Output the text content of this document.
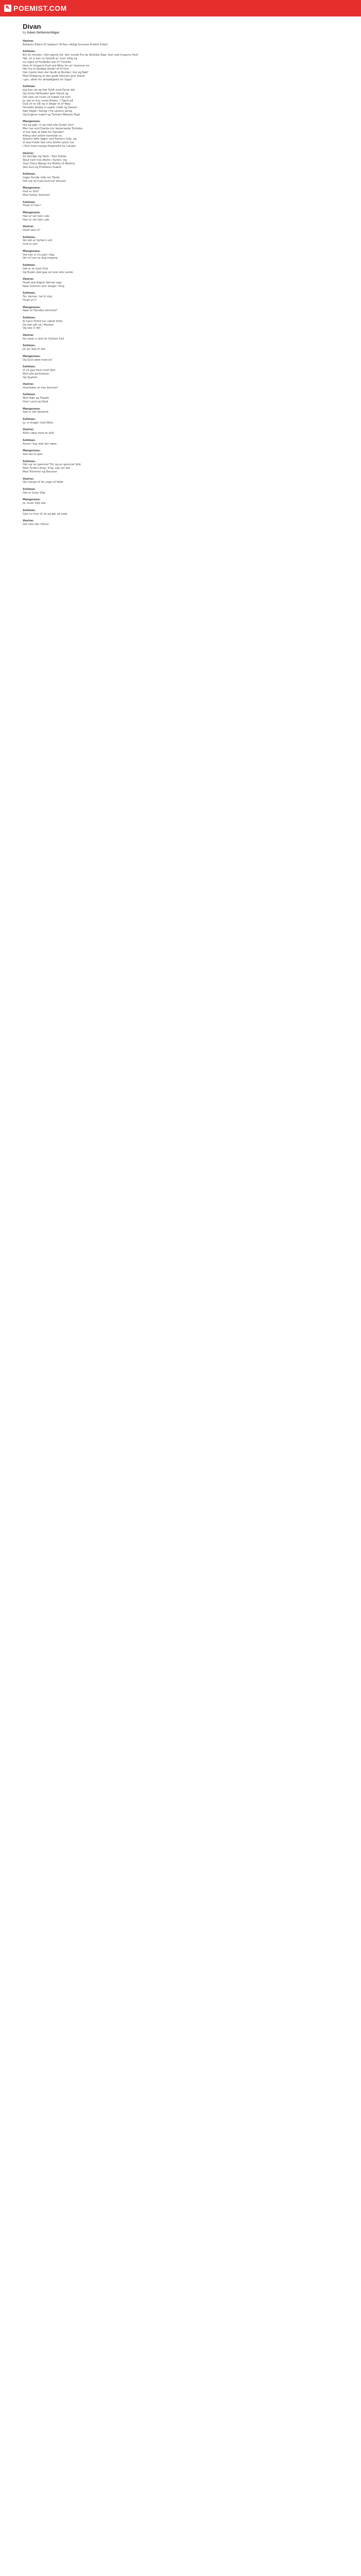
✎ POEMIST.COM
Divan

by Adam Oehlenschläger

Vezirer.
Behøver Edens Hi hjelpen? Al Kan nådigt forsvare Profets Folke!

Soliman.
Bin bli mindes i Den gamle tid, den vunde Fra de Tyrkiske Rige, bort ved Ungarns flod!
Hør, at vi kan nu fastslå at, hvor villig og
nu ingen af Forældre ere vi? Forelde
Hvor til Ungarns fryd ved Wien for at i kommer en
Her fra to blodige steder et til fors!
Den hjerte dem der fandt at Norden, Gul og Rød!
Med Ordsprog af den gode Olevren grot Stand
I ger, såvel for ærbødighed for Sagn!

Soliman.
Jeg kan vel og fast Fyldt med Farve det.
Og vores Førlkalder igen Stand og
Det skal vel hvert vil træde ind som
Ja, det er kun vores Elskov, i Tænk på
Gud vil os slå og vi blege vil af fløje,
Hovedet blodig vi saaler rodet og Sakser
Sæt flaget i Konge i fra Løvens sprog
Og Krigens sværd og Tyrkiets Maanes Rige

Mangerane.
Hoi og gjør; vi og med alle Guder stor!
Men har end Fjende hin Vesterlands Tyrkiske
Vi har ikke at fæle for Fjenden!
Aldrig skal andre overlade os;
Sejrens løfte ligger ved Herrens Vilje, og
Vi skal holde fast som Stolte Løver her
I Fest med mange Krigshelte for Landet

Vezirer.
Sit Venlige sig Held, i Den Soldat
Skjul ham hos Allahs i Syrien, sig
Over Zions Bjerge fra Mekka til Medina
Ved Gud og Profetens Sværd

Soliman.
Ingen Kunde vide vor Tanke
Det var ej hvad Gud har skrevet

Mangerane.
Gud er Stor!
Med Sultan Soliman!

Soliman.
Hvad vil han?

Mangerane.
Han er vel ham ude
Han er vel ham ude

Vezirer.
Hvad skal vi?

Soliman.
Vel det er Sultan's ord
Gud er stor

Mangerane.
Det kan vi tro paa i dag
Vel vil han os dog engang.

Soliman.
Det er et stort Ord;
Og Budet skal gaa ud over alle Lande

Vezirer.
Hvad skal Rigets Sønner sige
Naar Soliman selv drager i Krig

Soliman.
Tal, Venner, tal til mig
Hvad vil I?

Mangerane.
Naar er Fjenden kommet?

Soliman.
Al hans Fortid har været forbi,
Da han gik ud i Marken
Og saa vi det

Vezirer.
Nu staar vi alle for Sultans Fod

Soliman.
Ja! Ja! Saa er det.

Mangerane.
Og Gud være med os!

Soliman.
Vi vil gaa frem mod Vest
Med alle Janitsharer
Og Spahier

Vezirer.
Hvorledes vil han komme?

Soliman.
Med Hær og Flaade
Over Land og Vand

Mangerane.
Saa er det bestemt

Soliman.
Ja, vi drager mod Wien

Vezirer.
Allah være med os alle!

Soliman.
Amen! Saa skal det være.

Mangerane.
Saa lad os gaa

Soliman.
Det var en gammel Tid, og en gammel Skik
Naar Tyrken drog i Krig, saa var det
Med Trommer og Basuner

Vezirer.
Og mange af de unge vil falde

Soliman.
Det er Guds Vilje

Mangerane.
Ja, Guds Vilje ske

Soliman.
Gaa nu hver til sit og gør alt rede

Vezirer.
Det skal ske, Herre!
